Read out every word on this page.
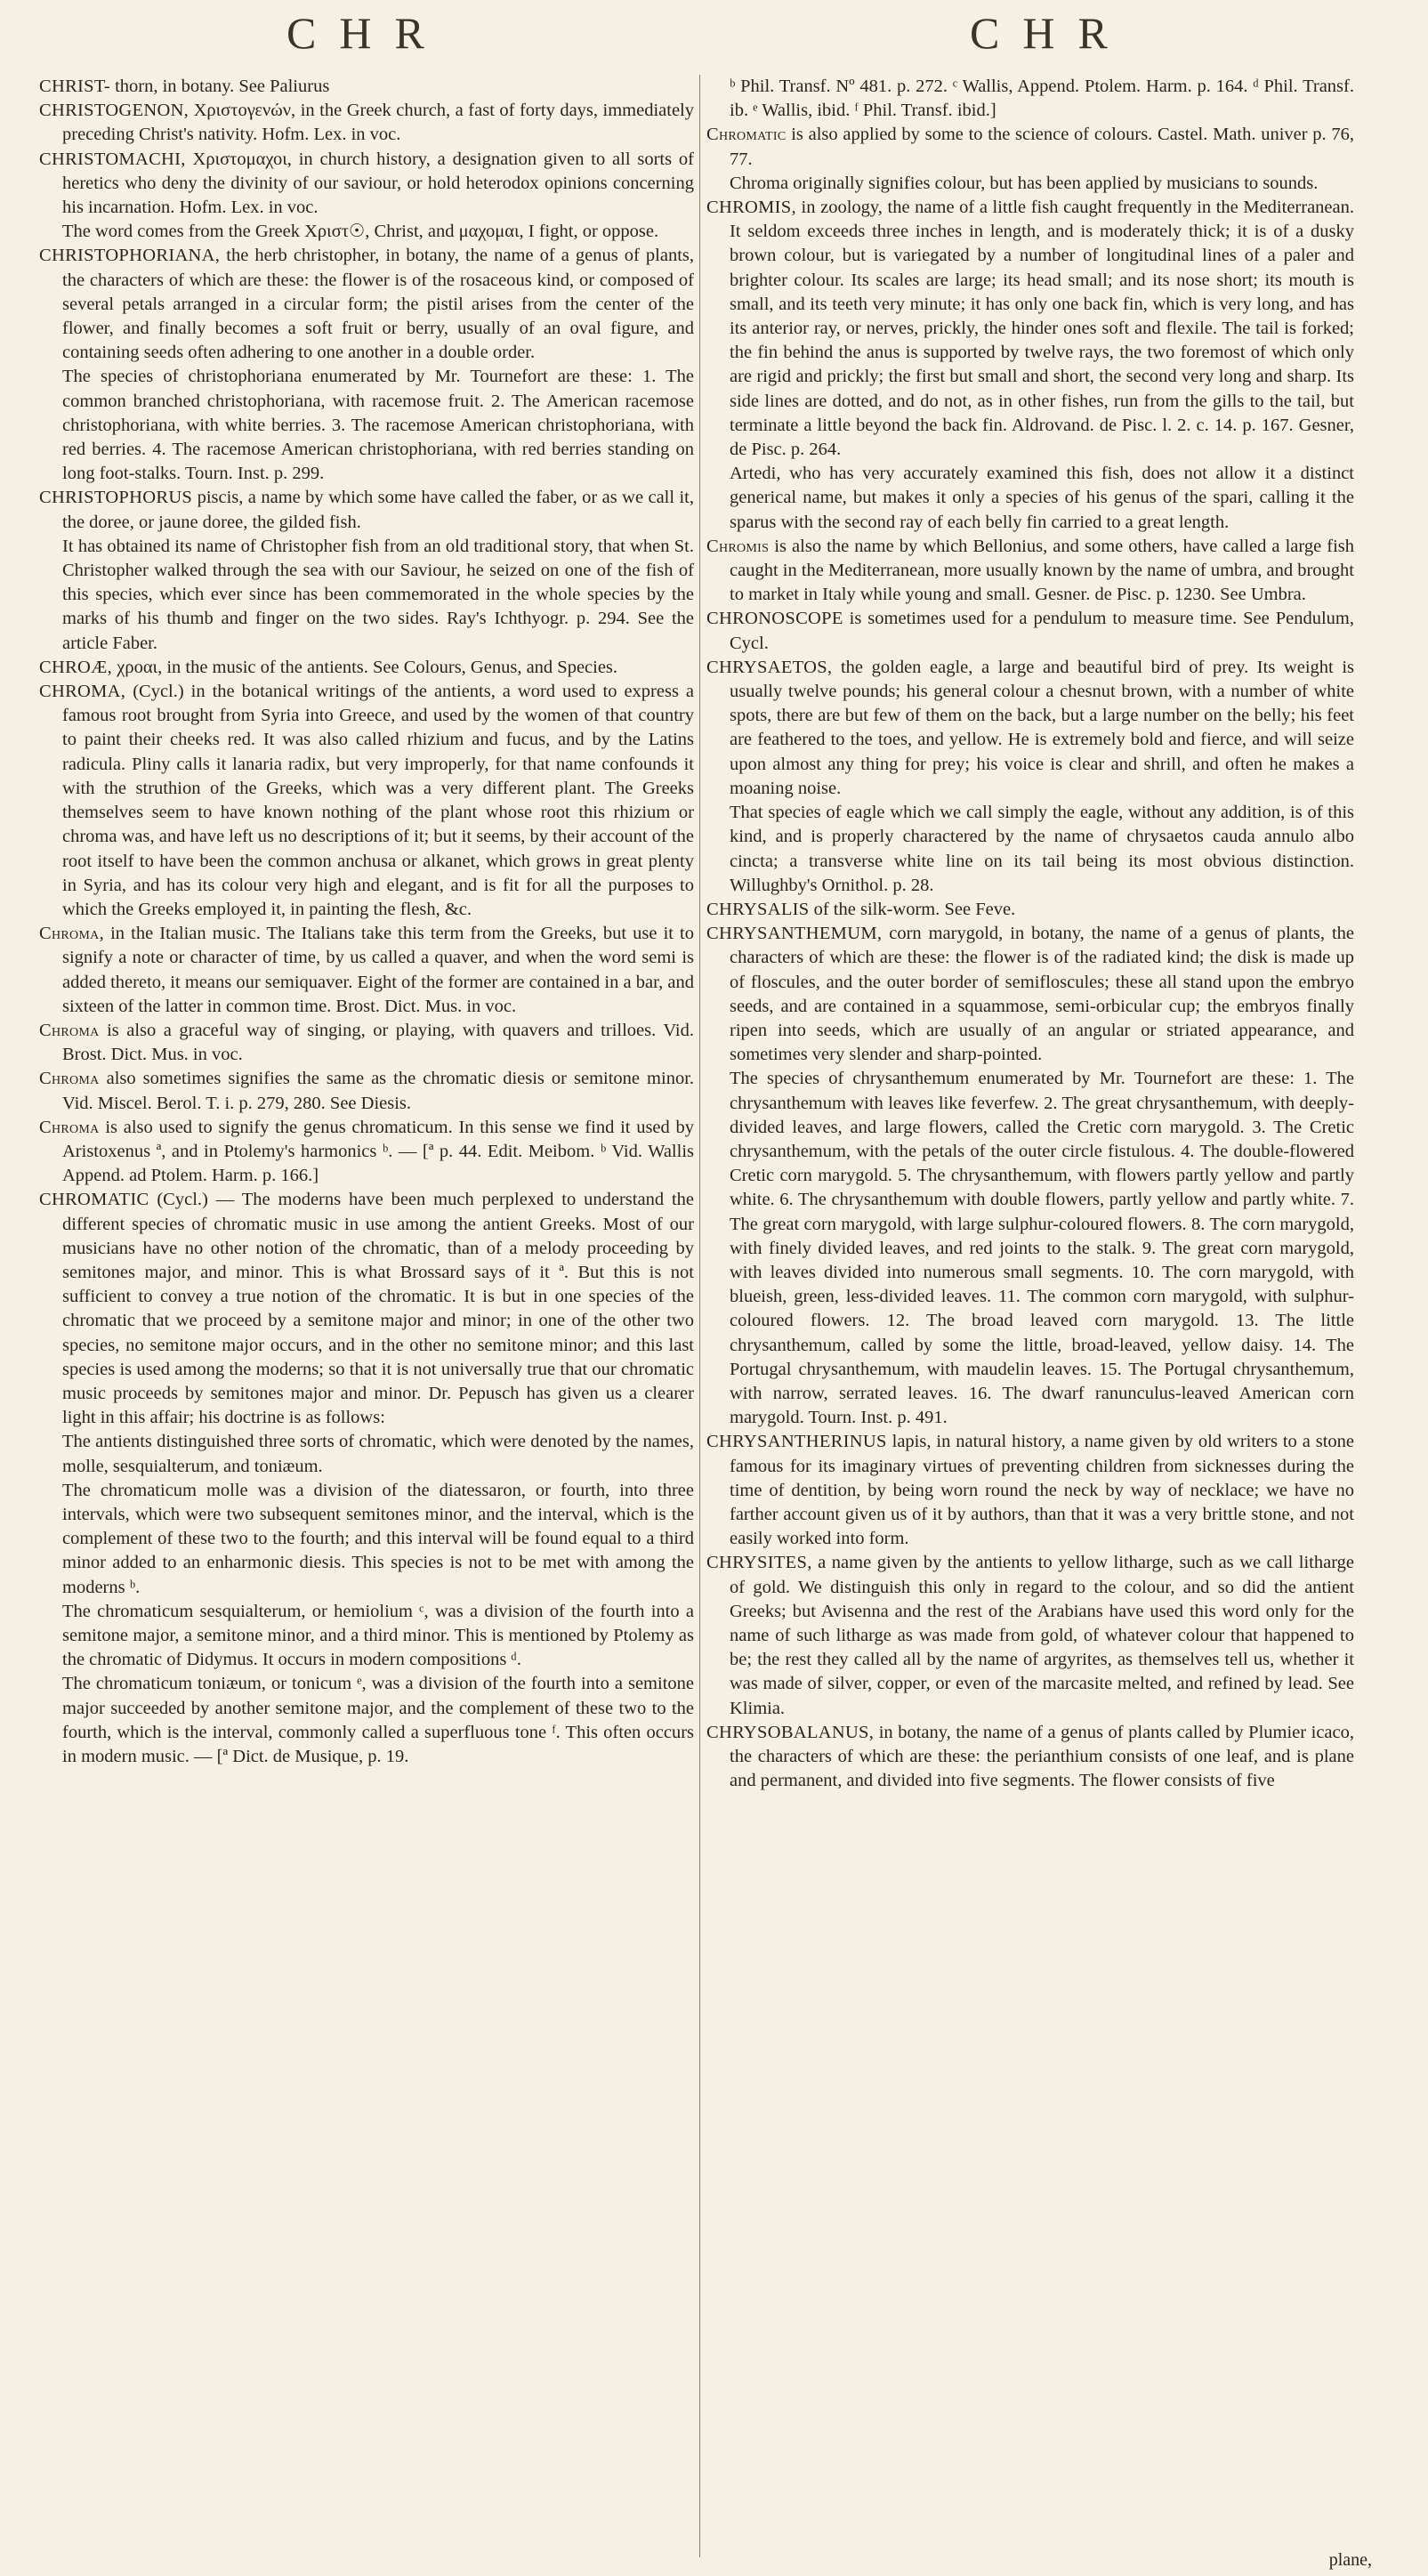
CHR	CHR

CHRIST- thorn, in botany. See Paliurus

CHRISTOGENON, Χριστογενών, in the Greek church, a fast of forty days, immediately preceding Christ's nativity. Hofm. Lex. in voc.

CHRISTOMACHI, Χριστομαχοι, in church history, a designation given to all sorts of heretics who deny the divinity of our saviour, or hold heterodox opinions concerning his incarnation. Hofm. Lex. in voc.

The word comes from the Greek Χριστ☉, Christ, and μαχομαι, I fight, or oppose.

CHRISTOPHORIANA, the herb christopher, in botany, the name of a genus of plants, the characters of which are these: the flower is of the rosaceous kind, or composed of several petals arranged in a circular form; the pistil arises from the center of the flower, and finally becomes a soft fruit or berry, usually of an oval figure, and containing seeds often adhering to one another in a double order.

The species of christophoriana enumerated by Mr. Tournefort are these: 1. The common branched christophoriana, with racemose fruit. 2. The American racemose christophoriana, with white berries. 3. The racemose American christophoriana, with red berries. 4. The racemose American christophoriana, with red berries standing on long foot-stalks. Tourn. Inst. p. 299.

CHRISTOPHORUS piscis, a name by which some have called the faber, or as we call it, the doree, or jaune doree, the gilded fish.

It has obtained its name of Christopher fish from an old traditional story, that when St. Christopher walked through the sea with our Saviour, he seized on one of the fish of this species, which ever since has been commemorated in the whole species by the marks of his thumb and finger on the two sides. Ray's Ichthyogr. p. 294. See the article Faber.

CHROÆ, χροαι, in the music of the antients. See Colours, Genus, and Species.

CHROMA, (Cycl.) in the botanical writings of the antients, a word used to express a famous root brought from Syria into Greece, and used by the women of that country to paint their cheeks red. It was also called rhizium and fucus, and by the Latins radicula. Pliny calls it lanaria radix, but very improperly, for that name confounds it with the struthion of the Greeks, which was a very different plant. The Greeks themselves seem to have known nothing of the plant whose root this rhizium or chroma was, and have left us no descriptions of it; but it seems, by their account of the root itself to have been the common anchusa or alkanet, which grows in great plenty in Syria, and has its colour very high and elegant, and is fit for all the purposes to which the Greeks employed it, in painting the flesh, &c.

Chroma, in the Italian music. The Italians take this term from the Greeks, but use it to signify a note or character of time, by us called a quaver, and when the word semi is added thereto, it means our semiquaver. Eight of the former are contained in a bar, and sixteen of the latter in common time. Brost. Dict. Mus. in voc.

Chroma is also a graceful way of singing, or playing, with quavers and trilloes. Vid. Brost. Dict. Mus. in voc.

Chroma also sometimes signifies the same as the chromatic diesis or semitone minor. Vid. Miscel. Berol. T. i. p. 279, 280. See Diesis.

Chroma is also used to signify the genus chromaticum. In this sense we find it used by Aristoxenus ª, and in Ptolemy's harmonics ᵇ. — [ª p. 44. Edit. Meibom. ᵇ Vid. Wallis Append. ad Ptolem. Harm. p. 166.]

CHROMATIC (Cycl.) — The moderns have been much perplexed to understand the different species of chromatic music in use among the antient Greeks. Most of our musicians have no other notion of the chromatic, than of a melody proceeding by semitones major, and minor. This is what Brossard says of it ª. But this is not sufficient to convey a true notion of the chromatic. It is but in one species of the chromatic that we proceed by a semitone major and minor; in one of the other two species, no semitone major occurs, and in the other no semitone minor; and this last species is used among the moderns; so that it is not universally true that our chromatic music proceeds by semitones major and minor. Dr. Pepusch has given us a clearer light in this affair; his doctrine is as follows:

The antients distinguished three sorts of chromatic, which were denoted by the names, molle, sesquialterum, and toniæum.

The chromaticum molle was a division of the diatessaron, or fourth, into three intervals, which were two subsequent semitones minor, and the interval, which is the complement of these two to the fourth; and this interval will be found equal to a third minor added to an enharmonic diesis. This species is not to be met with among the moderns ᵇ.

The chromaticum sesquialterum, or hemiolium ᶜ, was a division of the fourth into a semitone major, a semitone minor, and a third minor. This is mentioned by Ptolemy as the chromatic of Didymus. It occurs in modern compositions ᵈ.

The chromaticum toniæum, or tonicum ᵉ, was a division of the fourth into a semitone major succeeded by another semitone major, and the complement of these two to the fourth, which is the interval, commonly called a superfluous tone ᶠ. This often occurs in modern music. — [ª Dict. de Musique, p. 19.

ᵇ Phil. Transf. Nº 481. p. 272. ᶜ Wallis, Append. Ptolem. Harm. p. 164. ᵈ Phil. Transf. ib. ᵉ Wallis, ibid. ᶠ Phil. Transf. ibid.]

Chromatic is also applied by some to the science of colours. Castel. Math. univer p. 76, 77.

Chroma originally signifies colour, but has been applied by musicians to sounds.

CHROMIS, in zoology, the name of a little fish caught frequently in the Mediterranean. It seldom exceeds three inches in length, and is moderately thick; it is of a dusky brown colour, but is variegated by a number of longitudinal lines of a paler and brighter colour. Its scales are large; its head small; and its nose short; its mouth is small, and its teeth very minute; it has only one back fin, which is very long, and has its anterior ray, or nerves, prickly, the hinder ones soft and flexile. The tail is forked; the fin behind the anus is supported by twelve rays, the two foremost of which only are rigid and prickly; the first but small and short, the second very long and sharp. Its side lines are dotted, and do not, as in other fishes, run from the gills to the tail, but terminate a little beyond the back fin. Aldrovand. de Pisc. l. 2. c. 14. p. 167. Gesner, de Pisc. p. 264.

Artedi, who has very accurately examined this fish, does not allow it a distinct generical name, but makes it only a species of his genus of the spari, calling it the sparus with the second ray of each belly fin carried to a great length.

Chromis is also the name by which Bellonius, and some others, have called a large fish caught in the Mediterranean, more usually known by the name of umbra, and brought to market in Italy while young and small. Gesner. de Pisc. p. 1230. See Umbra.

CHRONOSCOPE is sometimes used for a pendulum to measure time. See Pendulum, Cycl.

CHRYSAETOS, the golden eagle, a large and beautiful bird of prey. Its weight is usually twelve pounds; his general colour a chesnut brown, with a number of white spots, there are but few of them on the back, but a large number on the belly; his feet are feathered to the toes, and yellow. He is extremely bold and fierce, and will seize upon almost any thing for prey; his voice is clear and shrill, and often he makes a moaning noise.

That species of eagle which we call simply the eagle, without any addition, is of this kind, and is properly charactered by the name of chrysaetos cauda annulo albo cincta; a transverse white line on its tail being its most obvious distinction. Willughby's Ornithol. p. 28.

CHRYSALIS of the silk-worm. See Feve.

CHRYSANTHEMUM, corn marygold, in botany, the name of a genus of plants, the characters of which are these: the flower is of the radiated kind; the disk is made up of floscules, and the outer border of semifloscules; these all stand upon the embryo seeds, and are contained in a squammose, semi-orbicular cup; the embryos finally ripen into seeds, which are usually of an angular or striated appearance, and sometimes very slender and sharp-pointed.

The species of chrysanthemum enumerated by Mr. Tournefort are these: 1. The chrysanthemum with leaves like feverfew. 2. The great chrysanthemum, with deeply-divided leaves, and large flowers, called the Cretic corn marygold. 3. The Cretic chrysanthemum, with the petals of the outer circle fistulous. 4. The double-flowered Cretic corn marygold. 5. The chrysanthemum, with flowers partly yellow and partly white. 6. The chrysanthemum with double flowers, partly yellow and partly white. 7. The great corn marygold, with large sulphur-coloured flowers. 8. The corn marygold, with finely divided leaves, and red joints to the stalk. 9. The great corn marygold, with leaves divided into numerous small segments. 10. The corn marygold, with blueish, green, less-divided leaves. 11. The common corn marygold, with sulphur-coloured flowers. 12. The broad leaved corn marygold. 13. The little chrysanthemum, called by some the little, broad-leaved, yellow daisy. 14. The Portugal chrysanthemum, with maudelin leaves. 15. The Portugal chrysanthemum, with narrow, serrated leaves. 16. The dwarf ranunculus-leaved American corn marygold. Tourn. Inst. p. 491.

CHRYSANTHERINUS lapis, in natural history, a name given by old writers to a stone famous for its imaginary virtues of preventing children from sicknesses during the time of dentition, by being worn round the neck by way of necklace; we have no farther account given us of it by authors, than that it was a very brittle stone, and not easily worked into form.

CHRYSITES, a name given by the antients to yellow litharge, such as we call litharge of gold. We distinguish this only in regard to the colour, and so did the antient Greeks; but Avisenna and the rest of the Arabians have used this word only for the name of such litharge as was made from gold, of whatever colour that happened to be; the rest they called all by the name of argyrites, as themselves tell us, whether it was made of silver, copper, or even of the marcasite melted, and refined by lead. See Klimia.

CHRYSOBALANUS, in botany, the name of a genus of plants called by Plumier icaco, the characters of which are these: the perianthium consists of one leaf, and is plane and permanent, and divided into five segments. The flower consists of five

plane,
